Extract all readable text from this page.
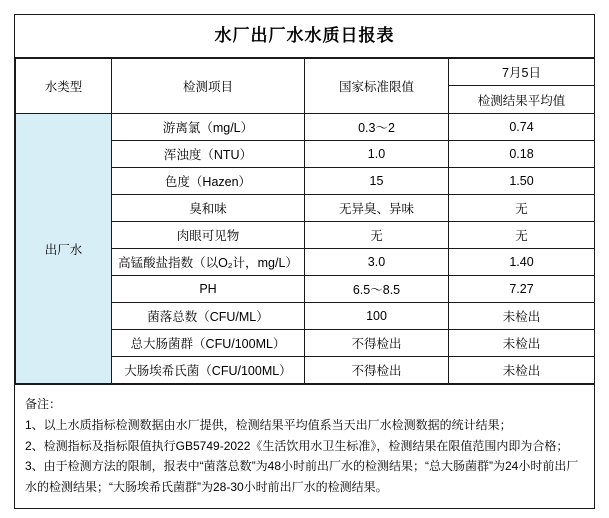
水厂出厂水水质日报表
水类型	检测项目	国家标准限值	7月5日
			检测结果平均值
出厂水	游离氯（mg/L）	0.3～2	0.74
	浑浊度（NTU）	1.0	0.18
	色度（Hazen）	15	1.50
	臭和味	无异臭、异味	无
	肉眼可见物	无	无
	高锰酸盐指数（以O₂计，mg/L）	3.0	1.40
	PH	6.5～8.5	7.27
	菌落总数（CFU/ML）	100	未检出
	总大肠菌群（CFU/100ML）	不得检出	未检出
	大肠埃希氏菌（CFU/100ML）	不得检出	未检出
备注：
1、以上水质指标检测数据由水厂提供，检测结果平均值系当天出厂水检测数据的统计结果；
2、检测指标及指标限值执行GB5749-2022《生活饮用水卫生标准》，检测结果在限值范围内即为合格；
3、由于检测方法的限制，报表中“菌落总数”为48小时前出厂水的检测结果；“总大肠菌群”为24小时前出厂水的检测结果；“大肠埃希氏菌群”为28-30小时前出厂水的检测结果。
